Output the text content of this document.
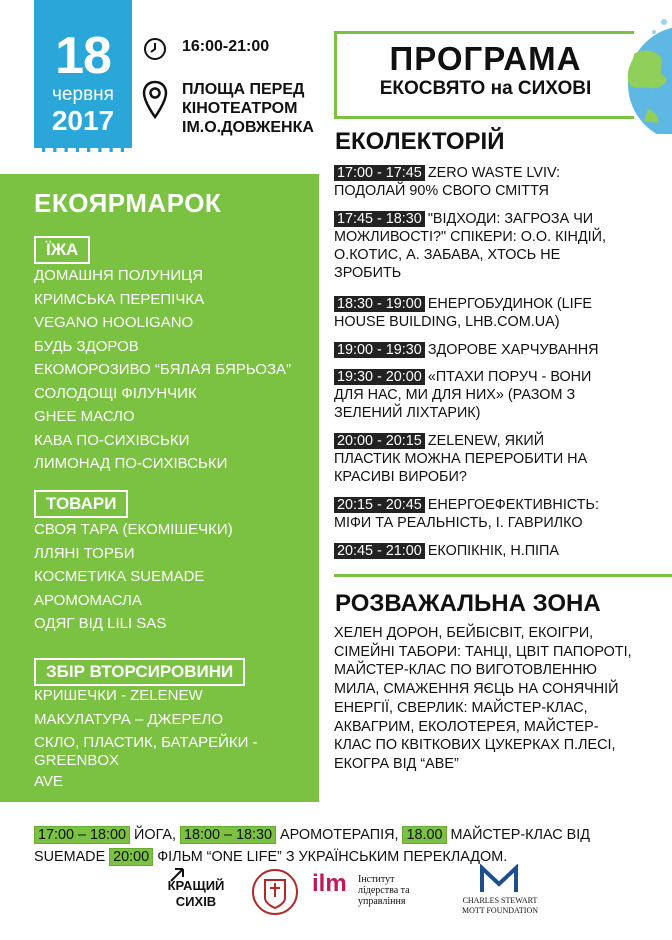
18
червня
2017
16:00-21:00
ПЛОЩА ПЕРЕД
КІНОТЕАТРОМ
ІМ.О.ДОВЖЕНКА
ПРОГРАМА
ЕКОСВЯТО на СИХОВІ
ЕКОЯРМАРОК
ЇЖА
ДОМАШНЯ ПОЛУНИЦЯ
КРИМСЬКА ПЕРЕПІЧКА
VEGANO HOOLIGANO
БУДЬ ЗДОРОВ
ЕКОМОРОЗИВО “БЯЛАЯ БЯРЬОЗА”
СОЛОДОЩІ ФІЛУНЧИК
GHEE МАСЛО
КАВА ПО-СИХІВСЬКИ
ЛИМОНАД ПО-СИХІВСЬКИ
ТОВАРИ
СВОЯ ТАРА (ЕКОМІШЕЧКИ)
ЛЛЯНІ ТОРБИ
КОСМЕТИКА SUEMADE
АРОМОМАСЛА
ОДЯГ ВІД LILI SAS
ЗБІР ВТОРСИРОВИНИ
КРИШЕЧКИ - ZELENEW
МАКУЛАТУРА – ДЖЕРЕЛО
СКЛО, ПЛАСТИК, БАТАРЕЙКИ -
GREENBOX
AVE
ЕКОЛЕКТОРІЙ
17:00 - 17:45 ZERO WASTE LVIV: ПОДОЛАЙ 90% СВОГО СМІТТЯ
17:45 - 18:30 "ВІДХОДИ: ЗАГРОЗА ЧИ МОЖЛИВОСТІ?" СПІКЕРИ: О.О. КІНДІЙ, О.КОТИС, А. ЗАБАВА, ХТОСЬ НЕ ЗРОБИТЬ
18:30 - 19:00 ЕНЕРГОБУДИНОК (LIFE HOUSE BUILDING, LHB.COM.UA)
19:00 - 19:30 ЗДОРОВЕ ХАРЧУВАННЯ
19:30 - 20:00 «ПТАХИ ПОРУЧ - ВОНИ ДЛЯ НАС, МИ ДЛЯ НИХ» (РАЗОМ З ЗЕЛЕНИЙ ЛІХТАРИК)
20:00 - 20:15 ZELENEW, ЯКИЙ ПЛАСТИК МОЖНА ПЕРЕРОБИТИ НА КРАСИВІ ВИРОБИ?
20:15 - 20:45 ЕНЕРГОЕФЕКТИВНІСТЬ: МІФИ ТА РЕАЛЬНІСТЬ, І. ГАВРИЛКО
20:45 - 21:00 ЕКОПІКНІК, Н.ПІПА
РОЗВАЖАЛЬНА ЗОНА
ХЕЛЕН ДОРОН, БЕЙБІСВІТ, ЕКОІГРИ, СІМЕЙНІ ТАБОРИ: ТАНЦІ, ЦВІТ ПАПОРОТІ, МАЙСТЕР-КЛАС ПО ВИГОТОВЛЕННЮ МИЛА, СМАЖЕННЯ ЯЄЦЬ НА СОНЯЧНІЙ ЕНЕРГІЇ, СВЕРЛИК: МАЙСТЕР-КЛАС, АКВАГРИМ, ЕКОЛОТЕРЕЯ, МАЙСТЕР-КЛАС ПО КВІТКОВИХ ЦУКЕРКАХ П.ЛЕСІ, ЕКОГРА ВІД “АВЕ”
17:00 – 18:00 ЙОГА, 18:00 – 18:30 АРОМОТЕРАПІЯ, 18.00 МАЙСТЕР-КЛАС ВІД SUEMADE 20:00 ФІЛЬМ “ONE LIFE” З УКРАЇНСЬКИМ ПЕРЕКЛАДОМ.
КРАЩИЙ
СИХІВ
ilm Інститут
лідерства та
управління	CHARLES STEWART
MOTT FOUNDATION
